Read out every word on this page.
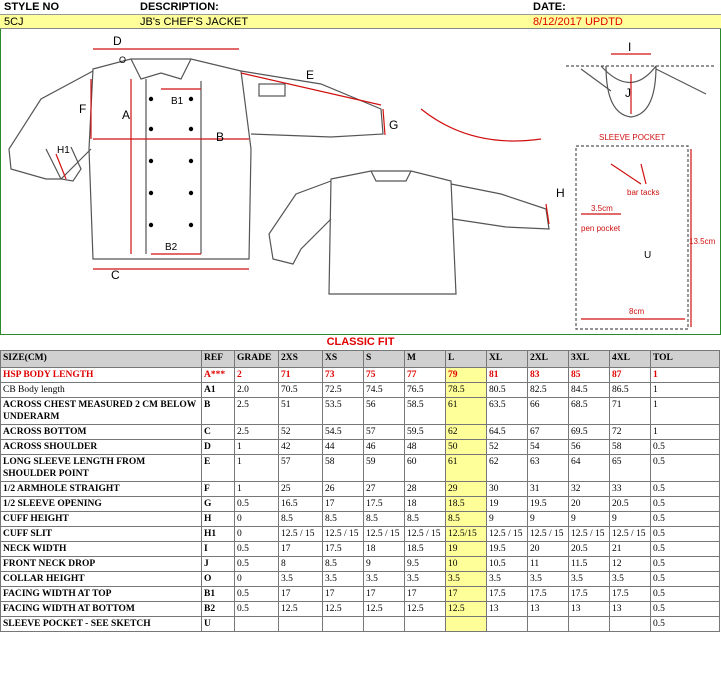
STYLE NO	DESCRIPTION:	DATE:
5CJ	JB's CHEF'S JACKET	8/12/2017 UPDTD
D
O
E
F	A
B1
B
G
H1
B2
C
H
I
J
SLEEVE POCKET
bar tacks
3.5cm
pen pocket
13.5cm
8cm
U
CLASSIC FIT
SIZE(CM)	REF	GRADE	2XS	XS	S	M	L	XL	2XL	3XL	4XL	TOL
HSP BODY LENGTH	A***	2	71	73	75	77	79	81	83	85	87	1
CB Body length	A1	2.0	70.5	72.5	74.5	76.5	78.5	80.5	82.5	84.5	86.5	1
ACROSS CHEST MEASURED 2 CM BELOW UNDERARM	B	2.5	51	53.5	56	58.5	61	63.5	66	68.5	71	1
ACROSS BOTTOM	C	2.5	52	54.5	57	59.5	62	64.5	67	69.5	72	1
ACROSS SHOULDER	D	1	42	44	46	48	50	52	54	56	58	0.5
LONG SLEEVE LENGTH FROM SHOULDER POINT	E	1	57	58	59	60	61	62	63	64	65	0.5
1/2 ARMHOLE STRAIGHT	F	1	25	26	27	28	29	30	31	32	33	0.5
1/2 SLEEVE OPENING	G	0.5	16.5	17	17.5	18	18.5	19	19.5	20	20.5	0.5
CUFF HEIGHT	H	0	8.5	8.5	8.5	8.5	8.5	9	9	9	9	0.5
CUFF SLIT	H1	0	12.5 / 15	12.5 / 15	12.5 / 15	12.5 / 15	12.5/15	12.5 / 15	12.5 / 15	12.5 / 15	12.5 / 15	0.5
NECK WIDTH	I	0.5	17	17.5	18	18.5	19	19.5	20	20.5	21	0.5
FRONT NECK DROP	J	0.5	8	8.5	9	9.5	10	10.5	11	11.5	12	0.5
COLLAR HEIGHT	O	0	3.5	3.5	3.5	3.5	3.5	3.5	3.5	3.5	3.5	0.5
FACING WIDTH AT TOP	B1	0.5	17	17	17	17	17	17.5	17.5	17.5	17.5	0.5
FACING WIDTH AT BOTTOM	B2	0.5	12.5	12.5	12.5	12.5	12.5	13	13	13	13	0.5
SLEEVE POCKET - SEE SKETCH	U											0.5
